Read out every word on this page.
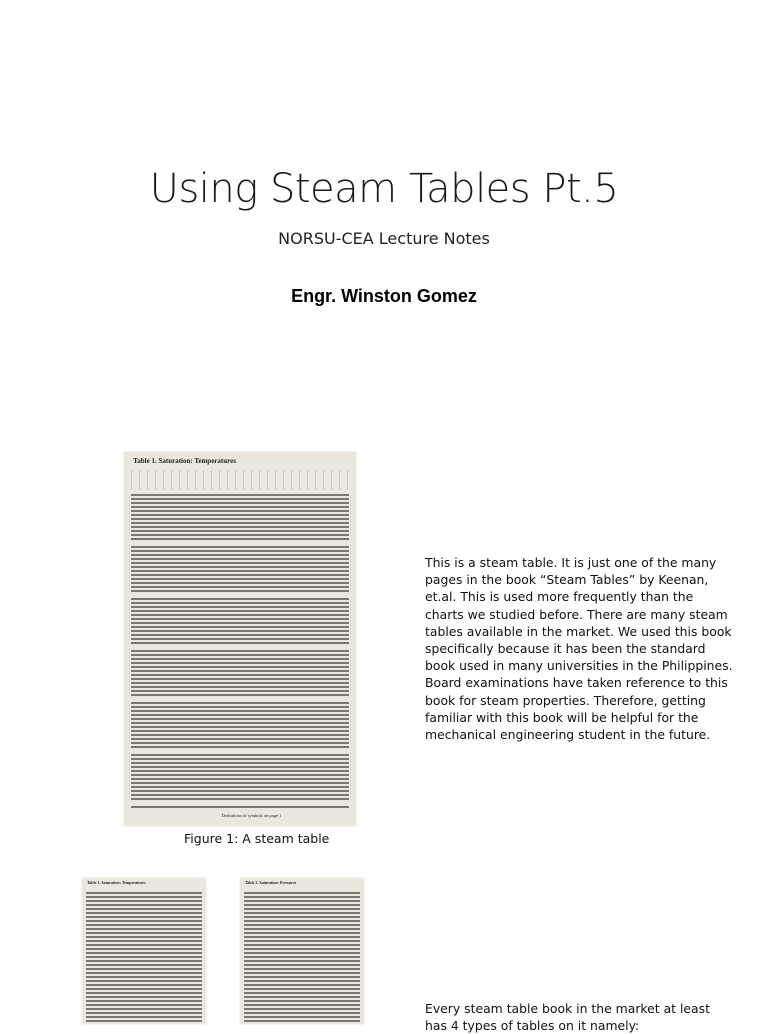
Using Steam Tables Pt.5
NORSU-CEA Lecture Notes
Engr. Winston Gomez
Table 1. Saturation: Temperatures
Definitions of symbols on page 1
Figure 1: A steam table
This is a steam table. It is just one of the many pages in the book “Steam Tables” by Keenan, et.al. This is used more frequently than the charts we studied before. There are many steam tables available in the market. We used this book specifically because it has been the standard book used in many universities in the Philippines. Board examinations have taken reference to this book for steam properties. Therefore, getting familiar with this book will be helpful for the mechanical engineering student in the future.
Table 1. Saturation: Temperatures	Table 2. Saturation: Pressures
Every steam table book in the market at least has 4 types of tables on it namely:
